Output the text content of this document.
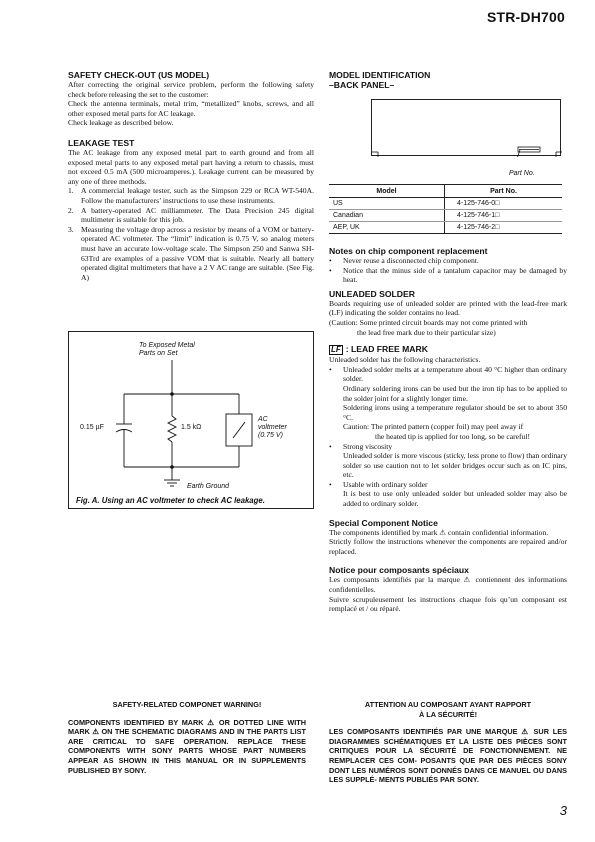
STR-DH700

SAFETY CHECK-OUT (US MODEL)

After correcting the original service problem, perform the following safety check before releasing the set to the customer:

Check the antenna terminals, metal trim, “metallized” knobs, screws, and all other exposed metal parts for AC leakage.

Check leakage as described below.

LEAKAGE TEST

The AC leakage from any exposed metal part to earth ground and from all exposed metal parts to any exposed metal part having a return to chassis, must not exceed 0.5 mA (500 microamperes.). Leakage current can be measured by any one of three methods.

1. A commercial leakage tester, such as the Simpson 229 or RCA WT-540A. Follow the manufacturers’ instructions to use these instruments.
2. A battery-operated AC milliammeter. The Data Precision 245 digital multimeter is suitable for this job.
3. Measuring the voltage drop across a resistor by means of a VOM or battery-operated AC voltmeter. The “limit” indication is 0.75 V, so analog meters must have an accurate low-voltage scale. The Simpson 250 and Sanwa SH-63Trd are examples of a passive VOM that is suitable. Nearly all battery operated digital multimeters that have a 2 V AC range are suitable. (See Fig. A)
To Exposed Metal
Parts on Set
0.15 µF	1.5 kΩ
AC
voltmeter
(0.75 V)
Earth Ground
Fig. A. Using an AC voltmeter to check AC leakage.

MODEL IDENTIFICATION

–BACK PANEL–

Part No.
Model	Part No.
US	4-125-746-0□
Canadian	4-125-746-1□
AEP, UK	4-125-746-2□

Notes on chip component replacement

• Never reuse a disconnected chip component.
• Notice that the minus side of a tantalum capacitor may be damaged by heat.

UNLEADED SOLDER

Boards requiring use of unleaded solder are printed with the lead-free mark (LF) indicating the solder contains no lead.

(Caution: Some printed circuit boards may not come printed with

the lead free mark due to their particular size)

LF : LEAD FREE MARK

Unleaded solder has the following characteristics.

• Unleaded solder melts at a temperature about 40 °C higher than ordinary solder.

Ordinary soldering irons can be used but the iron tip has to be applied to the solder joint for a slightly longer time.

Soldering irons using a temperature regulator should be set to about 350 °C.

Caution: The printed pattern (copper foil) may peel away if

the heated tip is applied for too long, so be careful!

• Strong viscosity

Unleaded solder is more viscous (sticky, less prone to flow) than ordinary solder so use caution not to let solder bridges occur such as on IC pins, etc.

• Usable with ordinary solder

It is best to use only unleaded solder but unleaded solder may also be added to ordinary solder.

Special Component Notice

The components identified by mark ⚠ contain confidential information.

Strictly follow the instructions whenever the components are repaired and/or replaced.

Notice pour composants spéciaux

Les composants identifiés par la marque ⚠ contiennent des informations confidentielles.

Suivre scrupuleusement les instructions chaque fois qu’un composant est remplacé et / ou réparé.

SAFETY-RELATED COMPONET WARNING!

COMPONENTS IDENTIFIED BY MARK ⚠ OR DOTTED LINE WITH MARK ⚠ ON THE SCHEMATIC DIAGRAMS AND IN THE PARTS LIST ARE CRITICAL TO SAFE OPERATION. REPLACE THESE COMPONENTS WITH SONY PARTS WHOSE PART NUMBERS APPEAR AS SHOWN IN THIS MANUAL OR IN SUPPLEMENTS PUBLISHED BY SONY.

ATTENTION AU COMPOSANT AYANT RAPPORT

À LA SÉCURITÉ!

LES COMPOSANTS IDENTIFIÉS PAR UNE MARQUE ⚠ SUR LES DIAGRAMMES SCHÉMATIQUES ET LA LISTE DES PIÈCES SONT CRITIQUES POUR LA SÉCURITÉ DE FONCTIONNEMENT. NE REMPLACER CES COM- POSANTS QUE PAR DES PIÈCES SONY DONT LES NUMÉROS SONT DONNÉS DANS CE MANUEL OU DANS LES SUPPLÉ- MENTS PUBLIÉS PAR SONY.

3
